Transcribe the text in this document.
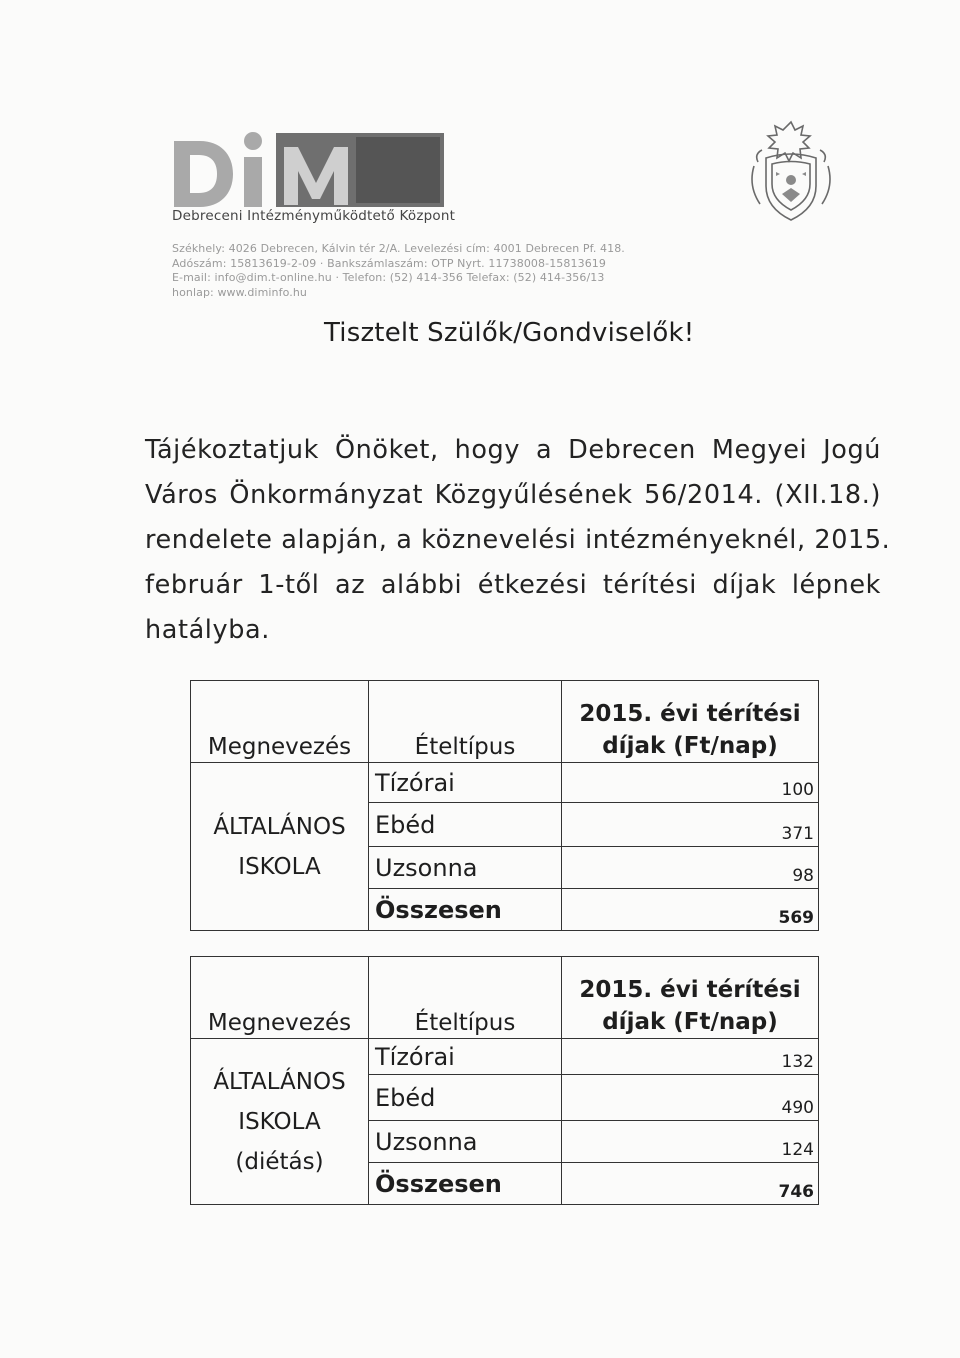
Debreceni Intézményműködtető Központ
Székhely: 4026 Debrecen, Kálvin tér 2/A. Levelezési cím: 4001 Debrecen Pf. 418.
Adószám: 15813619-2-09 · Bankszámlaszám: OTP Nyrt. 11738008-15813619
E-mail: info@dim.t-online.hu · Telefon: (52) 414-356 Telefax: (52) 414-356/13
honlap: www.diminfo.hu
Tisztelt Szülők/Gondviselők!
Tájékoztatjuk Önöket, hogy a Debrecen Megyei Jogú
Város Önkormányzat Közgyűlésének 56/2014. (XII.18.)
rendelete alapján, a köznevelési intézményeknél, 2015.
február 1-től az alábbi étkezési térítési díjak lépnek
hatályba.
Megnevezés	Ételtípus	2015. évi térítési
díjak (Ft/nap)

ÁLTALÁNOS
ISKOLA	Tízórai	100
	Ebéd	371
	Uzsonna	98
	Összesen	569
Megnevezés	Ételtípus	2015. évi térítési
díjak (Ft/nap)

ÁLTALÁNOS
ISKOLA
(diétás)	Tízórai	132
	Ebéd	490
	Uzsonna	124
	Összesen	746
